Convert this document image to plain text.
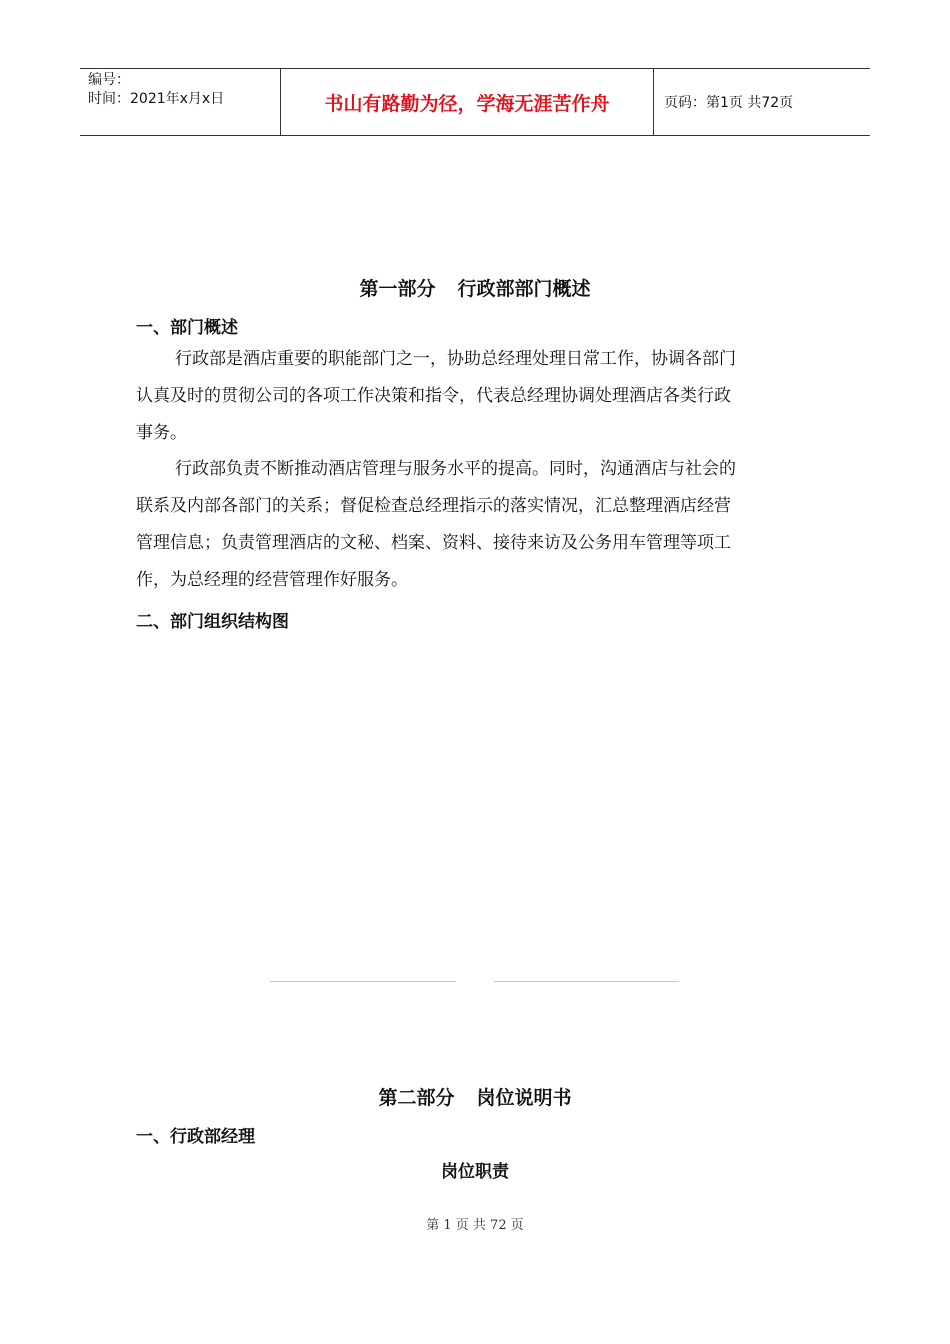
编号：
时间：2021年x月x日	书山有路勤为径，学海无涯苦作舟	页码：第1页 共72页
第一部分 行政部部门概述
一、部门概述
行政部是酒店重要的职能部门之一，协助总经理处理日常工作，协调各部门
认真及时的贯彻公司的各项工作决策和指令，代表总经理协调处理酒店各类行政
事务。
行政部负责不断推动酒店管理与服务水平的提高。同时，沟通酒店与社会的
联系及内部各部门的关系；督促检查总经理指示的落实情况，汇总整理酒店经营
管理信息；负责管理酒店的文秘、档案、资料、接待来访及公务用车管理等项工
作，为总经理的经营管理作好服务。
二、部门组织结构图
第二部分 岗位说明书
一、行政部经理
岗位职责
第 1 页 共 72 页
